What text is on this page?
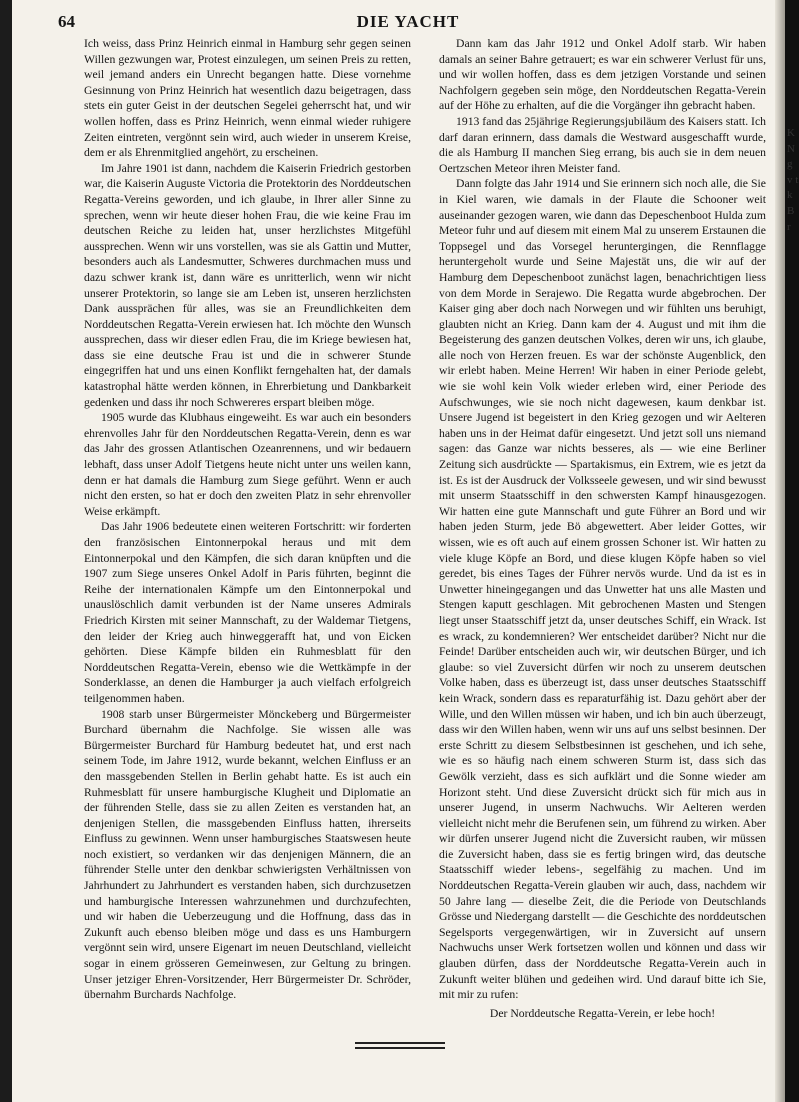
64	DIE YACHT

Ich weiss, dass Prinz Heinrich einmal in Hamburg sehr gegen seinen Willen gezwungen war, Protest einzulegen, um seinen Preis zu retten, weil jemand anders ein Unrecht begangen hatte. Diese vornehme Gesinnung von Prinz Heinrich hat wesentlich dazu beigetragen, dass stets ein guter Geist in der deutschen Segelei geherrscht hat, und wir wollen hoffen, dass es Prinz Heinrich, wenn einmal wieder ruhigere Zeiten eintreten, vergönnt sein wird, auch wieder in unserem Kreise, dem er als Ehrenmitglied angehört, zu erscheinen.

Im Jahre 1901 ist dann, nachdem die Kaiserin Friedrich gestorben war, die Kaiserin Auguste Victoria die Protektorin des Norddeutschen Regatta-Vereins geworden, und ich glaube, in Ihrer aller Sinne zu sprechen, wenn wir heute dieser hohen Frau, die wie keine Frau im deutschen Reiche zu leiden hat, unser herzlichstes Mitgefühl aussprechen. Wenn wir uns vorstellen, was sie als Gattin und Mutter, besonders auch als Landesmutter, Schweres durchmachen muss und dazu schwer krank ist, dann wäre es unritterlich, wenn wir nicht unserer Protektorin, so lange sie am Leben ist, unseren herzlichsten Dank aussprächen für alles, was sie an Freundlichkeiten dem Norddeutschen Regatta-Verein erwiesen hat. Ich möchte den Wunsch aussprechen, dass wir dieser edlen Frau, die im Kriege bewiesen hat, dass sie eine deutsche Frau ist und die in schwerer Stunde eingegriffen hat und uns einen Konflikt ferngehalten hat, der damals katastrophal hätte werden können, in Ehrerbietung und Dankbarkeit gedenken und dass ihr noch Schwereres erspart bleiben möge.

1905 wurde das Klubhaus eingeweiht. Es war auch ein besonders ehrenvolles Jahr für den Norddeutschen Regatta-Verein, denn es war das Jahr des grossen Atlantischen Ozeanrennens, und wir bedauern lebhaft, dass unser Adolf Tietgens heute nicht unter uns weilen kann, denn er hat damals die Hamburg zum Siege geführt. Wenn er auch nicht den ersten, so hat er doch den zweiten Platz in sehr ehrenvoller Weise erkämpft.

Das Jahr 1906 bedeutete einen weiteren Fortschritt: wir forderten den französischen Eintonnerpokal heraus und mit dem Eintonnerpokal und den Kämpfen, die sich daran knüpften und die 1907 zum Siege unseres Onkel Adolf in Paris führten, beginnt die Reihe der internationalen Kämpfe um den Eintonnerpokal und unauslöschlich damit verbunden ist der Name unseres Admirals Friedrich Kirsten mit seiner Mannschaft, zu der Waldemar Tietgens, den leider der Krieg auch hinweggerafft hat, und von Eicken gehörten. Diese Kämpfe bilden ein Ruhmesblatt für den Norddeutschen Regatta-Verein, ebenso wie die Wettkämpfe in der Sonderklasse, an denen die Hamburger ja auch vielfach erfolgreich teilgenommen haben.

1908 starb unser Bürgermeister Mönckeberg und Bürgermeister Burchard übernahm die Nachfolge. Sie wissen alle was Bürgermeister Burchard für Hamburg bedeutet hat, und erst nach seinem Tode, im Jahre 1912, wurde bekannt, welchen Einfluss er an den massgebenden Stellen in Berlin gehabt hatte. Es ist auch ein Ruhmesblatt für unsere hamburgische Klugheit und Diplomatie an der führenden Stelle, dass sie zu allen Zeiten es verstanden hat, an denjenigen Stellen, die massgebenden Einfluss hatten, ihrerseits Einfluss zu gewinnen. Wenn unser hamburgisches Staatswesen heute noch existiert, so verdanken wir das denjenigen Männern, die an führender Stelle unter den denkbar schwierigsten Verhältnissen von Jahrhundert zu Jahrhundert es verstanden haben, sich durchzusetzen und hamburgische Interessen wahrzunehmen und durchzufechten, und wir haben die Ueberzeugung und die Hoffnung, dass das in Zukunft auch ebenso bleiben möge und dass es uns Hamburgern vergönnt sein wird, unsere Eigenart im neuen Deutschland, vielleicht sogar in einem grösseren Gemeinwesen, zur Geltung zu bringen. Unser jetziger Ehren-Vorsitzender, Herr Bürgermeister Dr. Schröder, übernahm Burchards Nachfolge.

Dann kam das Jahr 1912 und Onkel Adolf starb. Wir haben damals an seiner Bahre getrauert; es war ein schwerer Verlust für uns, und wir wollen hoffen, dass es dem jetzigen Vorstande und seinen Nachfolgern gegeben sein möge, den Norddeutschen Regatta-Verein auf der Höhe zu erhalten, auf die die Vorgänger ihn gebracht haben.

1913 fand das 25jährige Regierungsjubiläum des Kaisers statt. Ich darf daran erinnern, dass damals die Westward ausgeschafft wurde, die als Hamburg II manchen Sieg errang, bis auch sie in dem neuen Oertzschen Meteor ihren Meister fand.

Dann folgte das Jahr 1914 und Sie erinnern sich noch alle, die Sie in Kiel waren, wie damals in der Flaute die Schooner weit auseinander gezogen waren, wie dann das Depeschenboot Hulda zum Meteor fuhr und auf diesem mit einem Mal zu unserem Erstaunen die Toppsegel und das Vorsegel heruntergingen, die Rennflagge heruntergeholt wurde und Seine Majestät uns, die wir auf der Hamburg dem Depeschenboot zunächst lagen, benachrichtigen liess von dem Morde in Serajewo. Die Regatta wurde abgebrochen. Der Kaiser ging aber doch nach Norwegen und wir fühlten uns beruhigt, glaubten nicht an Krieg. Dann kam der 4. August und mit ihm die Begeisterung des ganzen deutschen Volkes, deren wir uns, ich glaube, alle noch von Herzen freuen. Es war der schönste Augenblick, den wir erlebt haben. Meine Herren! Wir haben in einer Periode gelebt, wie sie wohl kein Volk wieder erleben wird, einer Periode des Aufschwunges, wie sie noch nicht dagewesen, kaum denkbar ist. Unsere Jugend ist begeistert in den Krieg gezogen und wir Aelteren haben uns in der Heimat dafür eingesetzt. Und jetzt soll uns niemand sagen: das Ganze war nichts besseres, als — wie eine Berliner Zeitung sich ausdrückte — Spartakismus, ein Extrem, wie es jetzt da ist. Es ist der Ausdruck der Volksseele gewesen, und wir sind bewusst mit unserm Staatsschiff in den schwersten Kampf hinausgezogen. Wir hatten eine gute Mannschaft und gute Führer an Bord und wir haben jeden Sturm, jede Bö abgewettert. Aber leider Gottes, wir wissen, wie es oft auch auf einem grossen Schoner ist. Wir hatten zu viele kluge Köpfe an Bord, und diese klugen Köpfe haben so viel geredet, bis eines Tages der Führer nervös wurde. Und da ist es in Unwetter hineingegangen und das Unwetter hat uns alle Masten und Stengen kaputt geschlagen. Mit gebrochenen Masten und Stengen liegt unser Staatsschiff jetzt da, unser deutsches Schiff, ein Wrack. Ist es wrack, zu kondemnieren? Wer entscheidet darüber? Nicht nur die Feinde! Darüber entscheiden auch wir, wir deutschen Bürger, und ich glaube: so viel Zuversicht dürfen wir noch zu unserem deutschen Volke haben, dass es überzeugt ist, dass unser deutsches Staatsschiff kein Wrack, sondern dass es reparaturfähig ist. Dazu gehört aber der Wille, und den Willen müssen wir haben, und ich bin auch überzeugt, dass wir den Willen haben, wenn wir uns auf uns selbst besinnen. Der erste Schritt zu diesem Selbstbesinnen ist geschehen, und ich sehe, wie es so häufig nach einem schweren Sturm ist, dass sich das Gewölk verzieht, dass es sich aufklärt und die Sonne wieder am Horizont steht. Und diese Zuversicht drückt sich für mich aus in unserer Jugend, in unserm Nachwuchs. Wir Aelteren werden vielleicht nicht mehr die Berufenen sein, um führend zu wirken. Aber wir dürfen unserer Jugend nicht die Zuversicht rauben, wir müssen die Zuversicht haben, dass sie es fertig bringen wird, das deutsche Staatsschiff wieder lebens-, segelfähig zu machen. Und im Norddeutschen Regatta-Verein glauben wir auch, dass, nachdem wir 50 Jahre lang — dieselbe Zeit, die die Periode von Deutschlands Grösse und Niedergang darstellt — die Geschichte des norddeutschen Segelsports vergegenwärtigen, wir in Zuversicht auf unsern Nachwuchs unser Werk fortsetzen wollen und können und dass wir glauben dürfen, dass der Norddeutsche Regatta-Verein auch in Zukunft weiter blühen und gedeihen wird. Und darauf bitte ich Sie, mit mir zu rufen:

Der Norddeutsche Regatta-Verein, er lebe hoch!

K N g v t k B r
